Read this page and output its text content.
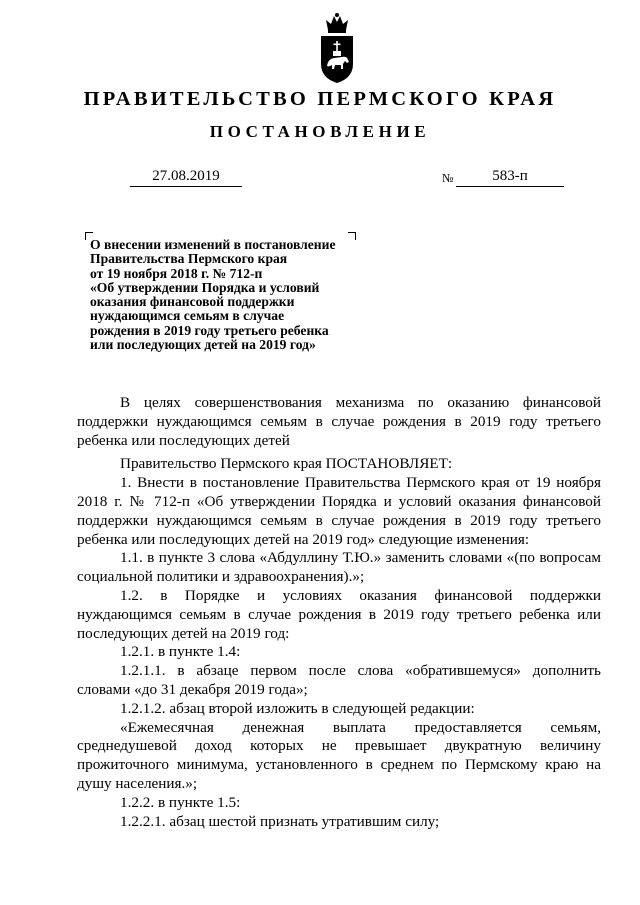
ПРАВИТЕЛЬСТВО ПЕРМСКОГО КРАЯ
ПОСТАНОВЛЕНИЕ
27.08.2019	№	583-п
О внесении изменений в постановление
Правительства Пермского края
от 19 ноября 2018 г. № 712-п
«Об утверждении Порядка и условий
оказания финансовой поддержки
нуждающимся семьям в случае
рождения в 2019 году третьего ребенка
или последующих детей на 2019 год»

В целях совершенствования механизма по оказанию финансовой поддержки нуждающимся семьям в случае рождения в 2019 году третьего ребенка или последующих детей

Правительство Пермского края ПОСТАНОВЛЯЕТ:

1. Внести в постановление Правительства Пермского края от 19 ноября 2018 г. № 712-п «Об утверждении Порядка и условий оказания финансовой поддержки нуждающимся семьям в случае рождения в 2019 году третьего ребенка или последующих детей на 2019 год» следующие изменения:

1.1. в пункте 3 слова «Абдуллину Т.Ю.» заменить словами «(по вопросам социальной политики и здравоохранения).»;

1.2. в Порядке и условиях оказания финансовой поддержки нуждающимся семьям в случае рождения в 2019 году третьего ребенка или последующих детей на 2019 год:

1.2.1. в пункте 1.4:

1.2.1.1. в абзаце первом после слова «обратившемуся» дополнить словами «до 31 декабря 2019 года»;

1.2.1.2. абзац второй изложить в следующей редакции:

«Ежемесячная денежная выплата предоставляется семьям, среднедушевой доход которых не превышает двукратную величину прожиточного минимума, установленного в среднем по Пермскому краю на душу населения.»;

1.2.2. в пункте 1.5:

1.2.2.1. абзац шестой признать утратившим силу;
